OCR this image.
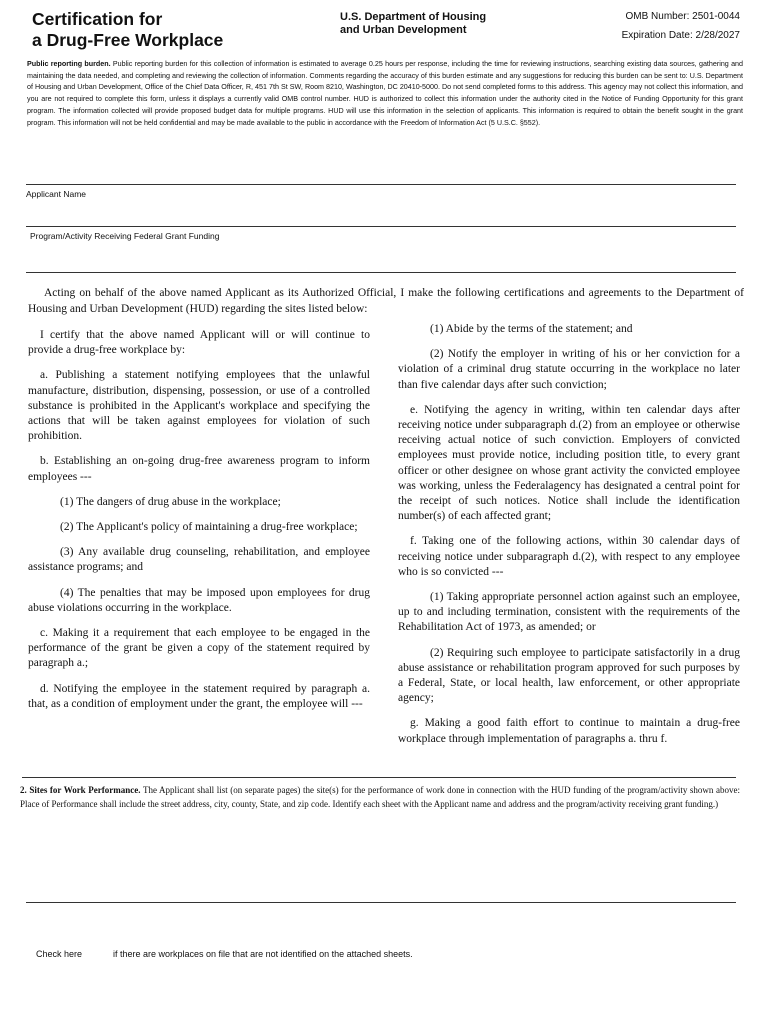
Certification for
a Drug-Free Workplace
U.S. Department of Housing
and Urban Development
OMB Number: 2501-0044
Expiration Date: 2/28/2027
Public reporting burden. Public reporting burden for this collection of information is estimated to average 0.25 hours per response, including the time for reviewing instructions, searching existing data sources, gathering and maintaining the data needed, and completing and reviewing the collection of information. Comments regarding the accuracy of this burden estimate and any suggestions for reducing this burden can be sent to: U.S. Department of Housing and Urban Development, Office of the Chief Data Officer, R, 451 7th St SW, Room 8210, Washington, DC 20410-5000. Do not send completed forms to this address. This agency may not collect this information, and you are not required to complete this form, unless it displays a currently valid OMB control number. HUD is authorized to collect this information under the authority cited in the Notice of Funding Opportunity for this grant program. The information collected will provide proposed budget data for multiple programs. HUD will use this information in the selection of applicants. This information is required to obtain the benefit sought in the grant program. This information will not be held confidential and may be made available to the public in accordance with the Freedom of Information Act (5 U.S.C. §552).
Applicant Name
Program/Activity Receiving Federal Grant Funding
Acting on behalf of the above named Applicant as its Authorized Official, I make the following certifications and agreements to the Department of Housing and Urban Development (HUD) regarding the sites listed below:

I certify that the above named Applicant will or will continue to provide a drug-free workplace by:

a. Publishing a statement notifying employees that the unlawful manufacture, distribution, dispensing, possession, or use of a controlled substance is prohibited in the Applicant's workplace and specifying the actions that will be taken against employees for violation of such prohibition.

b. Establishing an on-going drug-free awareness program to inform employees ---

(1) The dangers of drug abuse in the workplace;

(2) The Applicant's policy of maintaining a drug-free workplace;

(3) Any available drug counseling, rehabilitation, and employee assistance programs; and

(4) The penalties that may be imposed upon employees for drug abuse violations occurring in the workplace.

c. Making it a requirement that each employee to be engaged in the performance of the grant be given a copy of the statement required by paragraph a.;

d. Notifying the employee in the statement required by paragraph a. that, as a condition of employment under the grant, the employee will ---

(1) Abide by the terms of the statement; and

(2) Notify the employer in writing of his or her conviction for a violation of a criminal drug statute occurring in the workplace no later than five calendar days after such conviction;

e. Notifying the agency in writing, within ten calendar days after receiving notice under subparagraph d.(2) from an employee or otherwise receiving actual notice of such conviction. Employers of convicted employees must provide notice, including position title, to every grant officer or other designee on whose grant activity the convicted employee was working, unless the Federalagency has designated a central point for the receipt of such notices. Notice shall include the identification number(s) of each affected grant;

f. Taking one of the following actions, within 30 calendar days of receiving notice under subparagraph d.(2), with respect to any employee who is so convicted ---

(1) Taking appropriate personnel action against such an employee, up to and including termination, consistent with the requirements of the Rehabilitation Act of 1973, as amended; or

(2) Requiring such employee to participate satisfactorily in a drug abuse assistance or rehabilitation program approved for such purposes by a Federal, State, or local health, law enforcement, or other appropriate agency;

g. Making a good faith effort to continue to maintain a drug-free workplace through implementation of paragraphs a. thru f.

2. Sites for Work Performance. The Applicant shall list (on separate pages) the site(s) for the performance of work done in connection with the HUD funding of the program/activity shown above: Place of Performance shall include the street address, city, county, State, and zip code. Identify each sheet with the Applicant name and address and the program/activity receiving grant funding.)
Check here	if there are workplaces on file that are not identified on the attached sheets.
